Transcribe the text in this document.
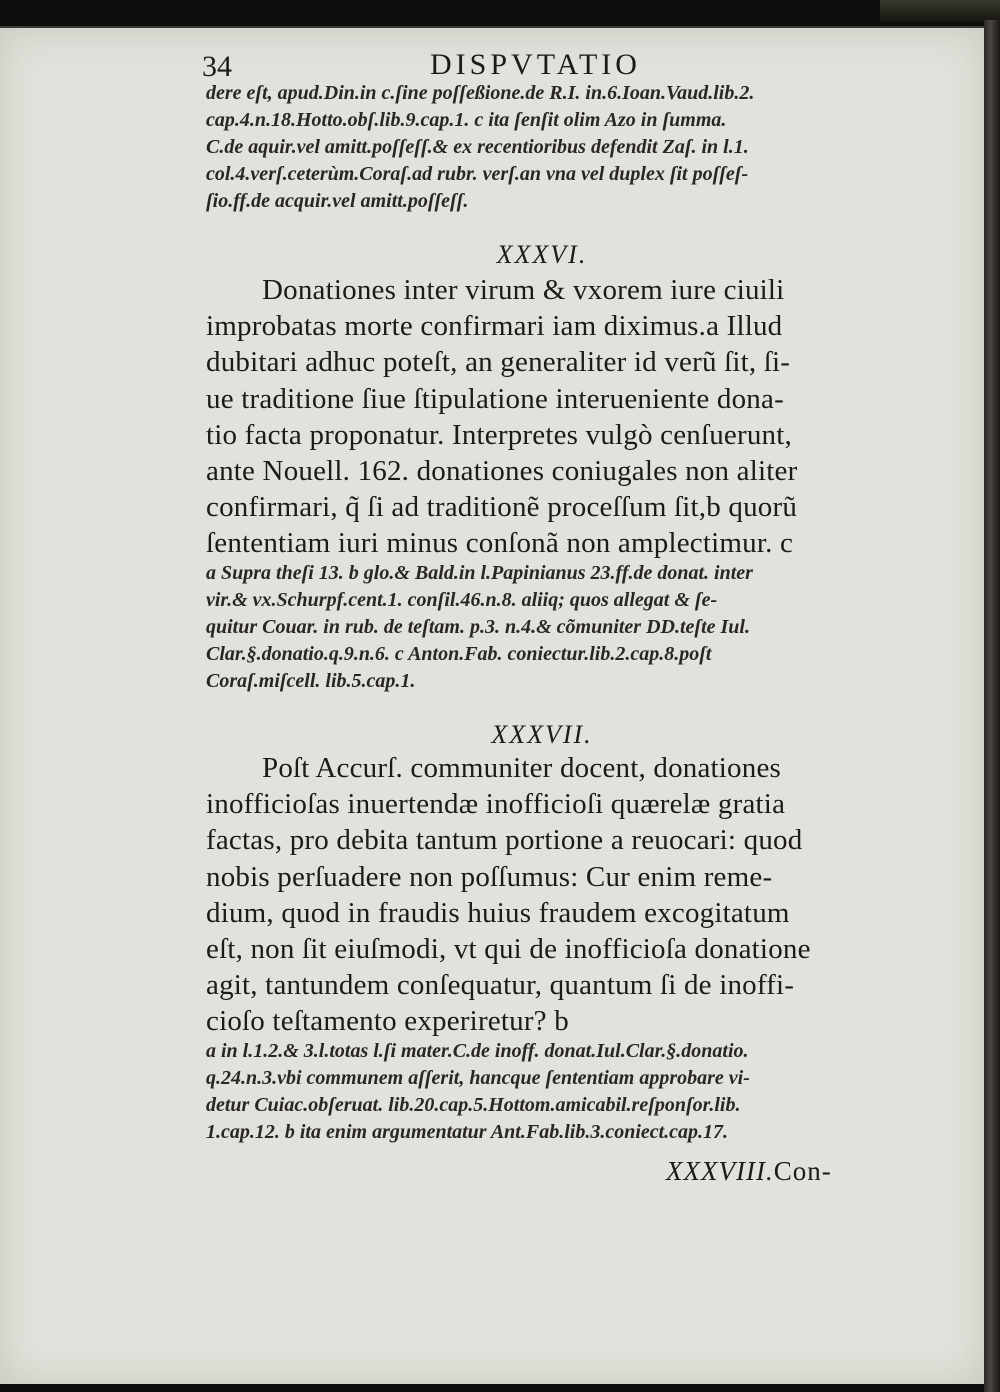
34	DISPVTATIO

dere eſt, apud.Din.in c.ſine poſſeßione.de R.I. in.6.Ioan.Vaud.lib.2.

cap.4.n.18.Hotto.obſ.lib.9.cap.1. c ita ſenſit olim Azo in ſumma.

C.de aquir.vel amitt.poſſeſſ.& ex recentioribus defendit Zaſ. in l.1.

col.4.verſ.ceterùm.Coraſ.ad rubr. verſ.an vna vel duplex ſit poſſeſ-

ſio.ff.de acquir.vel amitt.poſſeſſ.

XXXVI.

Donationes inter virum & vxorem iure ciuili

improbatas morte confirmari iam diximus.a Illud

dubitari adhuc poteſt, an generaliter id verũ ſit, ſi-

ue traditione ſiue ſtipulatione interueniente dona-

tio facta proponatur. Interpretes vulgò cenſuerunt,

ante Nouell. 162. donationes coniugales non aliter

confirmari, q̃ ſi ad traditionẽ proceſſum ſit,b quorũ

ſententiam iuri minus conſonã non amplectimur. c

a Supra theſi 13. b glo.& Bald.in l.Papinianus 23.ff.de donat. inter

vir.& vx.Schurpf.cent.1. conſil.46.n.8. aliiq; quos allegat & ſe-

quitur Couar. in rub. de teſtam. p.3. n.4.& cõmuniter DD.teſte Iul.

Clar.§.donatio.q.9.n.6. c Anton.Fab. coniectur.lib.2.cap.8.poſt

Coraſ.miſcell. lib.5.cap.1.

XXXVII.

Poſt Accurſ. communiter docent, donationes

inofficioſas inuertendæ inofficioſi quærelæ gratia

factas, pro debita tantum portione a reuocari: quod

nobis perſuadere non poſſumus: Cur enim reme-

dium, quod in fraudis huius fraudem excogitatum

eſt, non ſit eiuſmodi, vt qui de inofficioſa donatione

agit, tantundem conſequatur, quantum ſi de inoffi-

cioſo teſtamento experiretur? b

a in l.1.2.& 3.l.totas l.ſi mater.C.de inoff. donat.Iul.Clar.§.donatio.

q.24.n.3.vbi communem aſſerit, hancque ſententiam approbare vi-

detur Cuiac.obſeruat. lib.20.cap.5.Hottom.amicabil.reſponſor.lib.

1.cap.12. b ita enim argumentatur Ant.Fab.lib.3.coniect.cap.17.

XXXVIII.Con-
